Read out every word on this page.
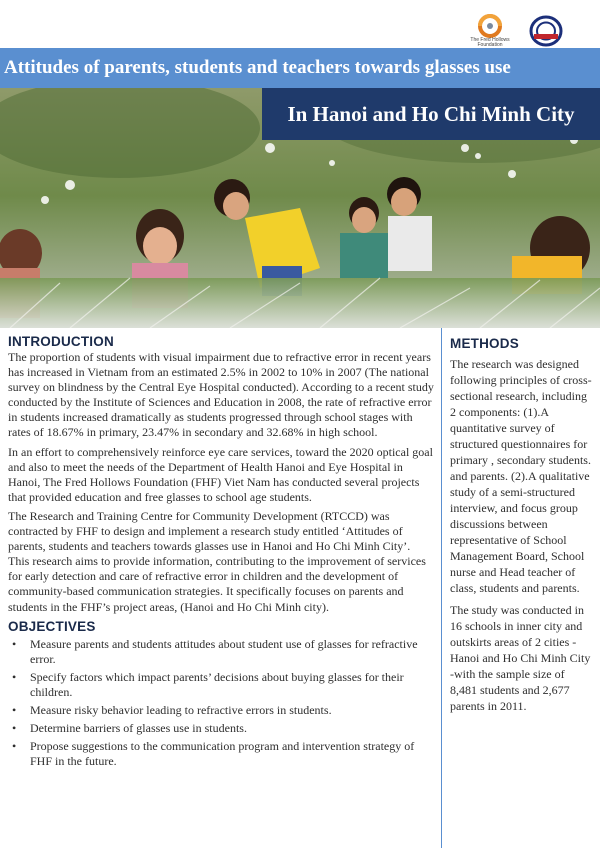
The Fred Hollows Foundation
Attitudes of parents, students and teachers towards glasses use
In Hanoi and Ho Chi Minh City
INTRODUCTION

The proportion of students with visual impairment due to refractive error in recent years has increased in Vietnam from an estimated 2.5% in 2002 to 10% in 2007 (The national survey on blindness by the Central Eye Hospital conducted). According to a recent study conducted by the Institute of Sciences and Education in 2008, the rate of refractive error in students increased dramatically as students progressed through school stages with rates of 18.67% in primary, 23.47% in secondary and 32.68% in high school.

In an effort to comprehensively reinforce eye care services, toward the 2020 optical goal and also to meet the needs of the Department of Health Hanoi and Eye Hospital in Hanoi, The Fred Hollows Foundation (FHF) Viet Nam has conducted several projects that provided education and free glasses to school age students.

The Research and Training Centre for Community Development (RTCCD) was contracted by FHF to design and implement a research study entitled ‘Attitudes of parents, students and teachers towards glasses use in Hanoi and Ho Chi Minh City’. This research aims to provide information, contributing to the improvement of services for early detection and care of refractive error in children and the development of community-based communication strategies. It specifically focuses on parents and students in the FHF’s project areas, (Hanoi and Ho Chi Minh city).

OBJECTIVES
• Measure parents and students attitudes about student use of glasses for refractive error.
• Specify factors which impact parents’ decisions about buying glasses for their children.
• Measure risky behavior leading to refractive errors in students.
• Determine barriers of glasses use in students.
• Propose suggestions to the communication program and intervention strategy of FHF in the future.
METHODS

The research was designed following principles of cross-sectional research, including 2 components: (1).A quantitative survey of structured questionnaires for primary , secondary students. and parents. (2).A qualitative study of a semi-structured interview, and focus group discussions between representative of School Management Board, School nurse and Head teacher of class, students and parents.

The study was conducted in 16 schools in inner city and outskirts areas of 2 cities - Hanoi and Ho Chi Minh City -with the sample size of 8,481 students and 2,677 parents in 2011.
